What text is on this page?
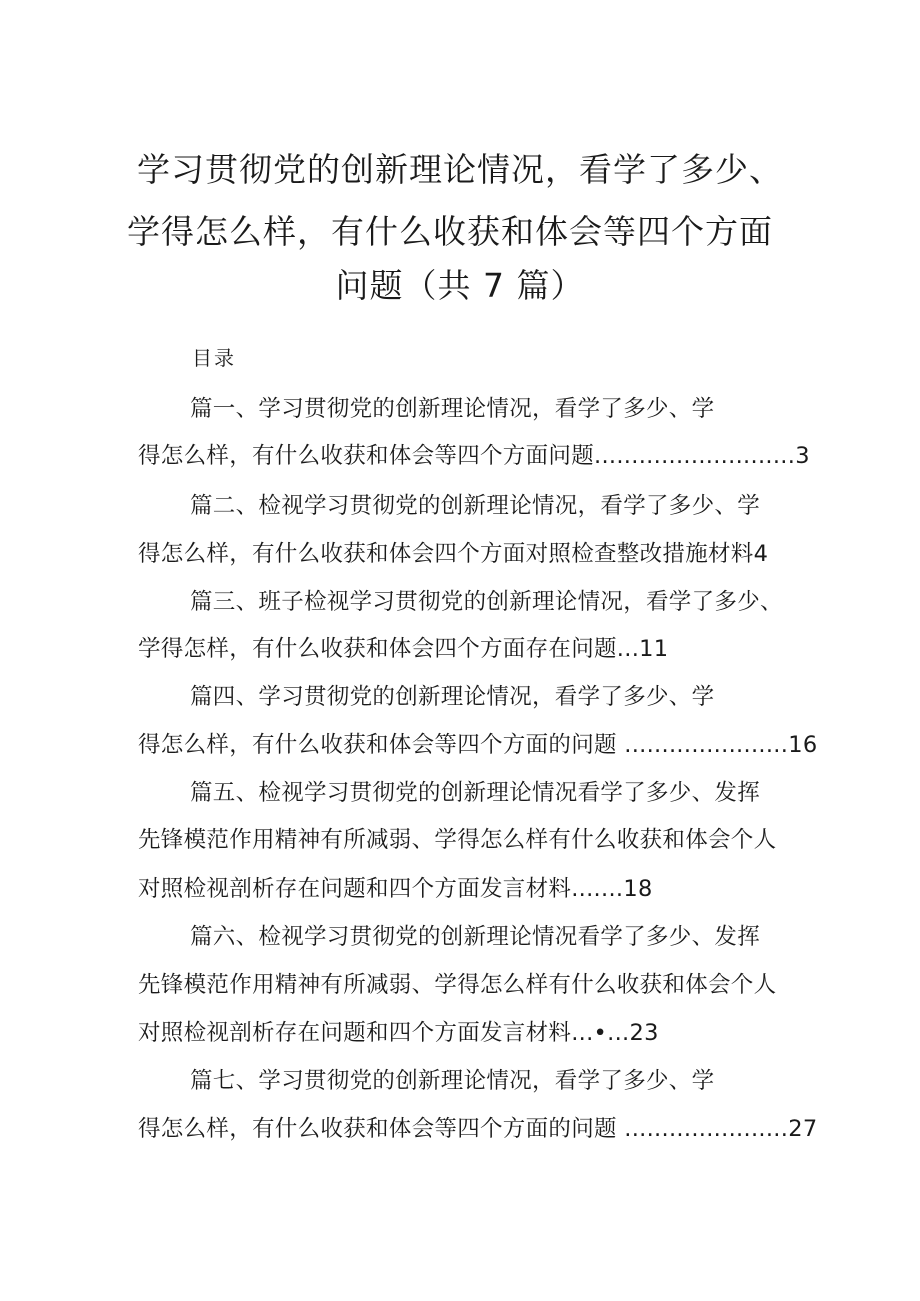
学习贯彻党的创新理论情况，看学了多少、
学得怎么样，有什么收获和体会等四个方面
问题（共 7 篇）
目录
篇一、学习贯彻党的创新理论情况，看学了多少、学
得怎么样，有什么收获和体会等四个方面问题...........................3
篇二、检视学习贯彻党的创新理论情况，看学了多少、学
得怎么样，有什么收获和体会四个方面对照检查整改措施材料4
篇三、班子检视学习贯彻党的创新理论情况，看学了多少、
学得怎样，有什么收获和体会四个方面存在问题...11
篇四、学习贯彻党的创新理论情况，看学了多少、学
得怎么样，有什么收获和体会等四个方面的问题 ......................16
篇五、检视学习贯彻党的创新理论情况看学了多少、发挥
先锋模范作用精神有所减弱、学得怎么样有什么收获和体会个人
对照检视剖析存在问题和四个方面发言材料.......18
篇六、检视学习贯彻党的创新理论情况看学了多少、发挥
先锋模范作用精神有所减弱、学得怎么样有什么收获和体会个人
对照检视剖析存在问题和四个方面发言材料...•...23
篇七、学习贯彻党的创新理论情况，看学了多少、学
得怎么样，有什么收获和体会等四个方面的问题 ......................27
